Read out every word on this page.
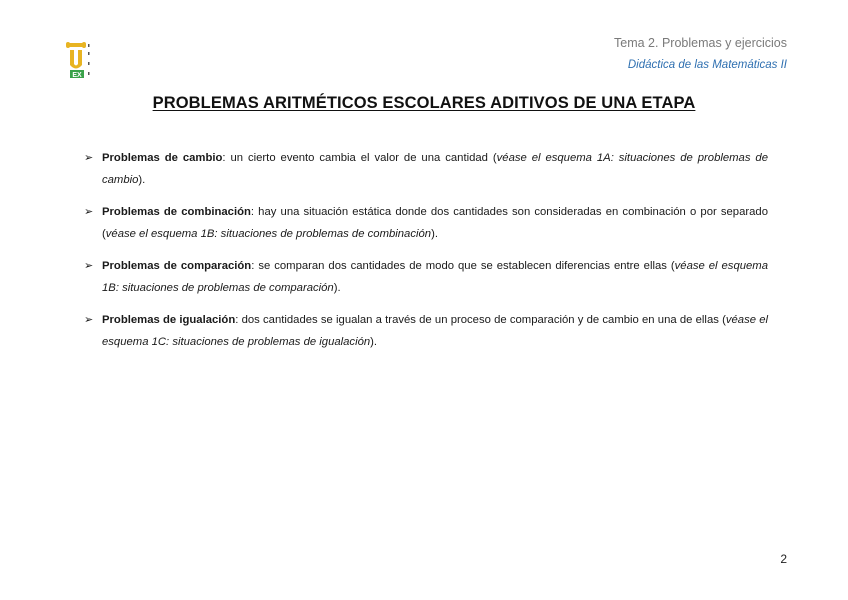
EX
Tema 2. Problemas y ejercicios
Didáctica de las Matemáticas II
PROBLEMAS ARITMÉTICOS ESCOLARES ADITIVOS DE UNA ETAPA
➢ Problemas de cambio: un cierto evento cambia el valor de una cantidad (véase el esquema 1A: situaciones de problemas de cambio).
➢ Problemas de combinación: hay una situación estática donde dos cantidades son consideradas en combinación o por separado (véase el esquema 1B: situaciones de problemas de combinación).
➢ Problemas de comparación: se comparan dos cantidades de modo que se establecen diferencias entre ellas (véase el esquema 1B: situaciones de problemas de comparación).
➢ Problemas de igualación: dos cantidades se igualan a través de un proceso de comparación y de cambio en una de ellas (véase el esquema 1C: situaciones de problemas de igualación).
2
